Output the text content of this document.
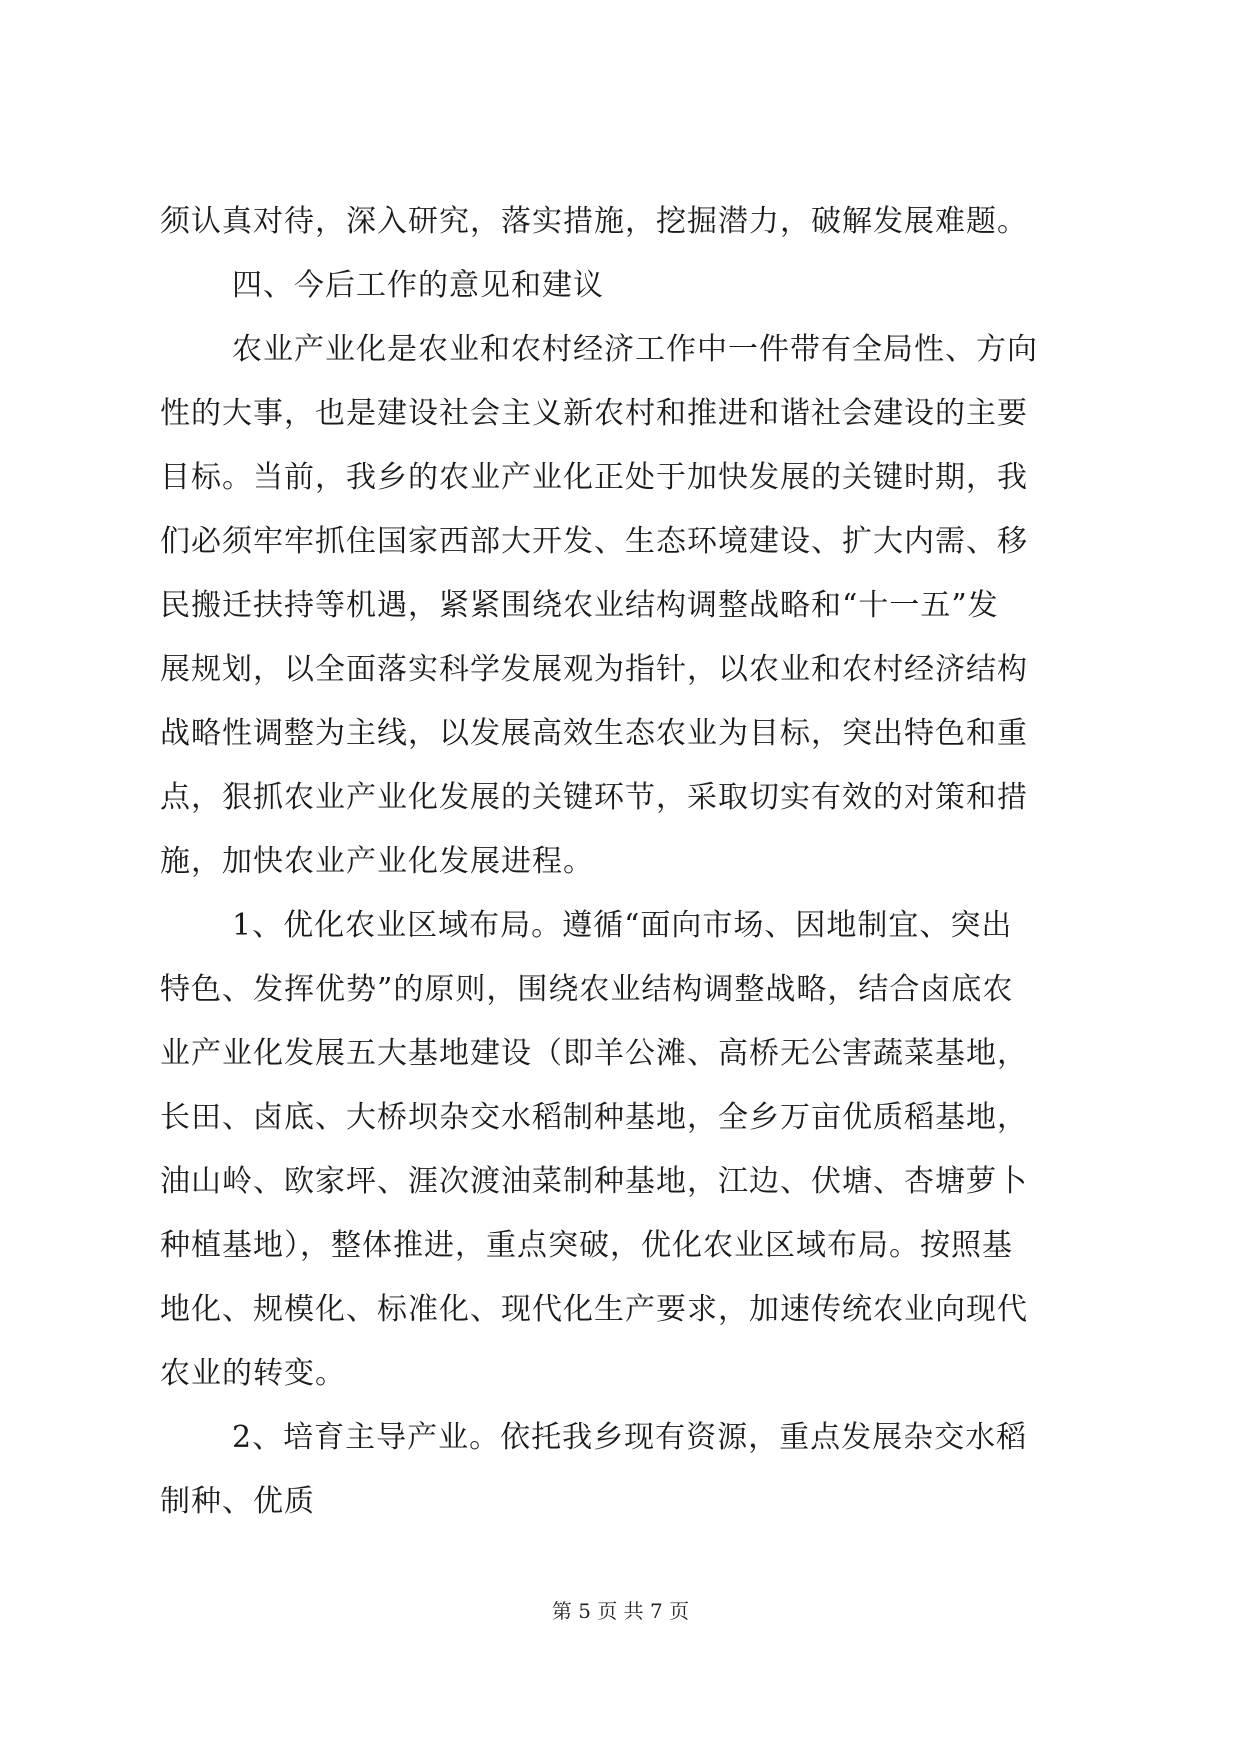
须认真对待，深入研究，落实措施，挖掘潜力，破解发展难题。
四、今后工作的意见和建议
农业产业化是农业和农村经济工作中一件带有全局性、方向
性的大事，也是建设社会主义新农村和推进和谐社会建设的主要
目标。当前，我乡的农业产业化正处于加快发展的关键时期，我
们必须牢牢抓住国家西部大开发、生态环境建设、扩大内需、移
民搬迁扶持等机遇，紧紧围绕农业结构调整战略和“十一五”发
展规划，以全面落实科学发展观为指针，以农业和农村经济结构
战略性调整为主线，以发展高效生态农业为目标，突出特色和重
点，狠抓农业产业化发展的关键环节，采取切实有效的对策和措
施，加快农业产业化发展进程。
1、优化农业区域布局。遵循“面向市场、因地制宜、突出
特色、发挥优势”的原则，围绕农业结构调整战略，结合卤底农
业产业化发展五大基地建设（即羊公滩、高桥无公害蔬菜基地，
长田、卤底、大桥坝杂交水稻制种基地，全乡万亩优质稻基地，
油山岭、欧家坪、涯次渡油菜制种基地，江边、伏塘、杏塘萝卜
种植基地），整体推进，重点突破，优化农业区域布局。按照基
地化、规模化、标准化、现代化生产要求，加速传统农业向现代
农业的转变。
2、培育主导产业。依托我乡现有资源，重点发展杂交水稻
制种、优质
第 5 页 共 7 页
